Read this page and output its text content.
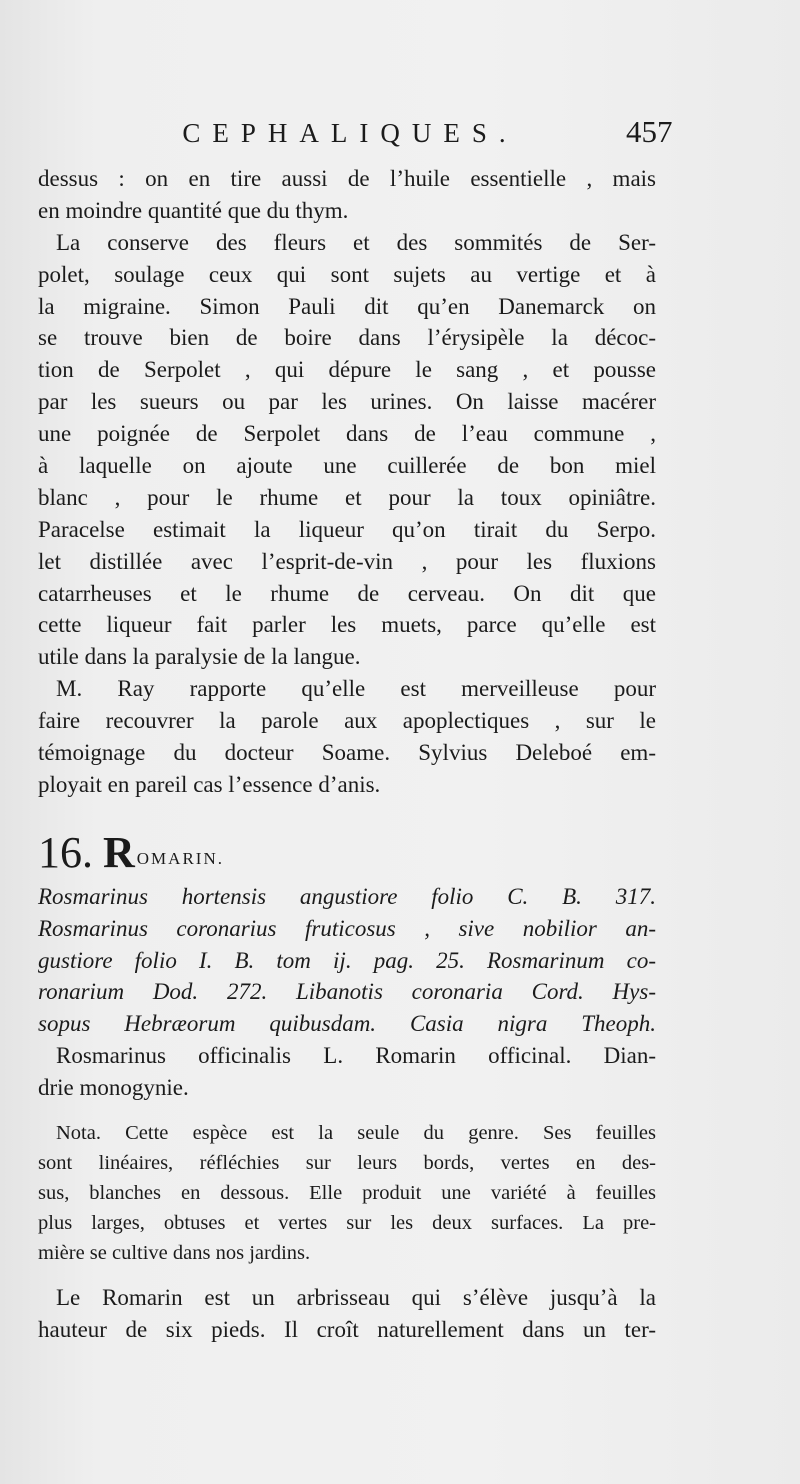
CEPHALIQUES.	457
dessus : on en tire aussi de l’huile essentielle , mais
en moindre quantité que du thym.
La conserve des fleurs et des sommités de Ser-
polet, soulage ceux qui sont sujets au vertige et à
la migraine. Simon Pauli dit qu’en Danemarck on
se trouve bien de boire dans l’érysipèle la décoc-
tion de Serpolet , qui dépure le sang , et pousse
par les sueurs ou par les urines. On laisse macérer
une poignée de Serpolet dans de l’eau commune ,
à laquelle on ajoute une cuillerée de bon miel
blanc , pour le rhume et pour la toux opiniâtre.
Paracelse estimait la liqueur qu’on tirait du Serpo.
let distillée avec l’esprit-de-vin , pour les fluxions
catarrheuses et le rhume de cerveau. On dit que
cette liqueur fait parler les muets, parce qu’elle est
utile dans la paralysie de la langue.
M. Ray rapporte qu’elle est merveilleuse pour
faire recouvrer la parole aux apoplectiques , sur le
témoignage du docteur Soame. Sylvius Deleboé em-
ployait en pareil cas l’essence d’anis.
16. R OMARIN.
Rosmarinus hortensis angustiore folio C. B. 317.
Rosmarinus coronarius fruticosus , sive nobilior an-
gustiore folio I. B. tom ij. pag. 25. Rosmarinum co-
ronarium Dod. 272. Libanotis coronaria Cord. Hys-
sopus Hebræorum quibusdam. Casia nigra Theoph.
Rosmarinus officinalis L. Romarin officinal. Dian-
drie monogynie.
Nota. Cette espèce est la seule du genre. Ses feuilles
sont linéaires, réfléchies sur leurs bords, vertes en des-
sus, blanches en dessous. Elle produit une variété à feuilles
plus larges, obtuses et vertes sur les deux surfaces. La pre-
mière se cultive dans nos jardins.
Le Romarin est un arbrisseau qui s’élève jusqu’à la
hauteur de six pieds. Il croît naturellement dans un ter-
